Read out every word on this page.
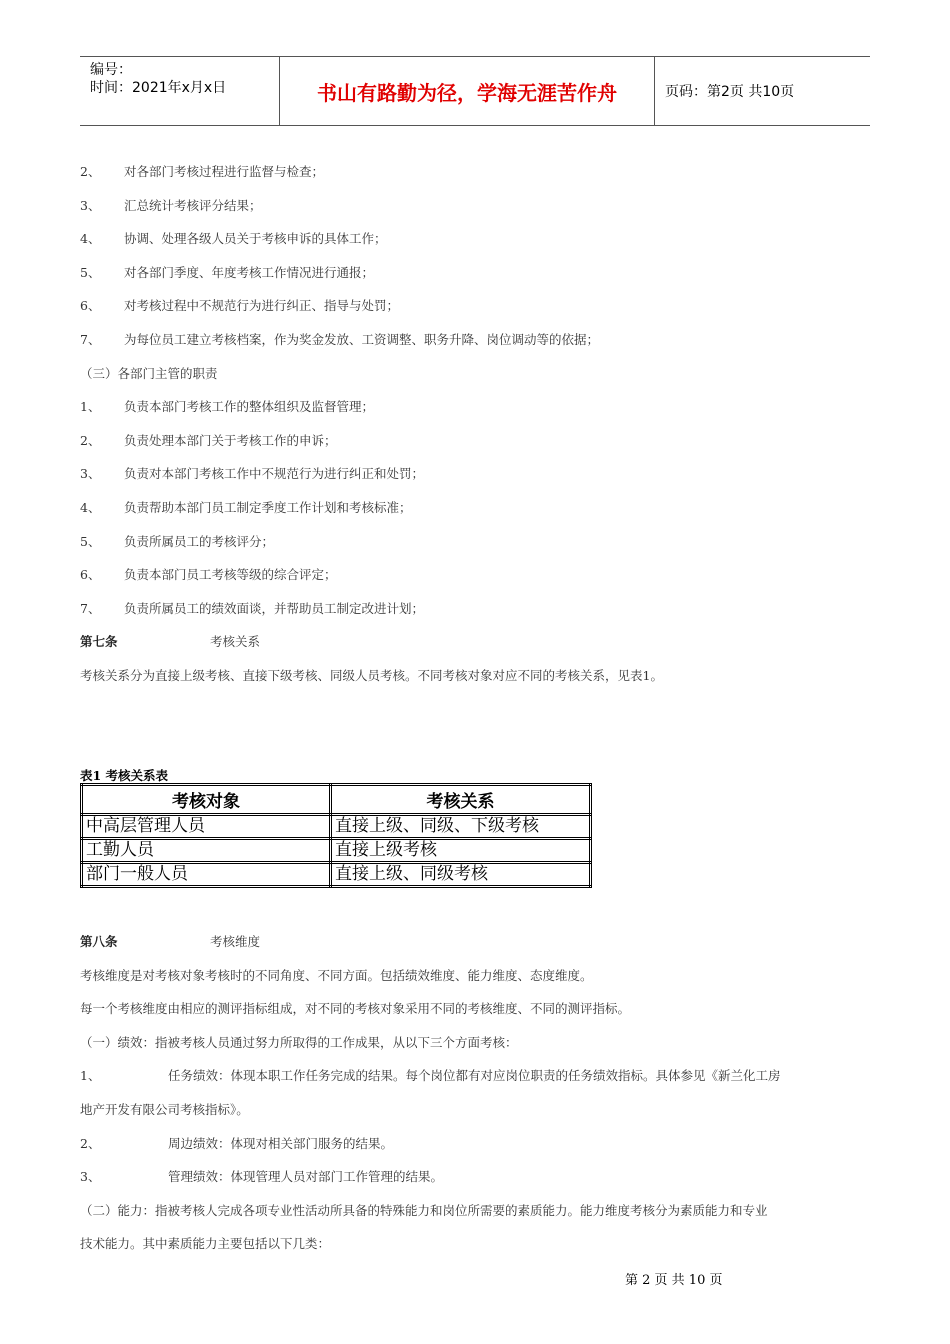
编号：
时间：2021年x月x日	书山有路勤为径，学海无涯苦作舟	页码：第2页 共10页
2、 对各部门考核过程进行监督与检查；
3、 汇总统计考核评分结果；
4、 协调、处理各级人员关于考核申诉的具体工作；
5、 对各部门季度、年度考核工作情况进行通报；
6、 对考核过程中不规范行为进行纠正、指导与处罚；
7、 为每位员工建立考核档案，作为奖金发放、工资调整、职务升降、岗位调动等的依据；
（三）各部门主管的职责
1、 负责本部门考核工作的整体组织及监督管理；
2、 负责处理本部门关于考核工作的申诉；
3、 负责对本部门考核工作中不规范行为进行纠正和处罚；
4、 负责帮助本部门员工制定季度工作计划和考核标准；
5、 负责所属员工的考核评分；
6、 负责本部门员工考核等级的综合评定；
7、 负责所属员工的绩效面谈，并帮助员工制定改进计划；
第七条	考核关系
考核关系分为直接上级考核、直接下级考核、同级人员考核。不同考核对象对应不同的考核关系，见表1。
表1 考核关系表
考核对象	考核关系
中高层管理人员	直接上级、同级、下级考核
工勤人员	直接上级考核
部门一般人员	直接上级、同级考核
第八条	考核维度
考核维度是对考核对象考核时的不同角度、不同方面。包括绩效维度、能力维度、态度维度。
每一个考核维度由相应的测评指标组成，对不同的考核对象采用不同的考核维度、不同的测评指标。
（一）绩效：指被考核人员通过努力所取得的工作成果，从以下三个方面考核：
1、	任务绩效：体现本职工作任务完成的结果。每个岗位都有对应岗位职责的任务绩效指标。具体参见《新兰化工房
地产开发有限公司考核指标》。
2、	周边绩效：体现对相关部门服务的结果。
3、	管理绩效：体现管理人员对部门工作管理的结果。
（二）能力：指被考核人完成各项专业性活动所具备的特殊能力和岗位所需要的素质能力。能力维度考核分为素质能力和专业
技术能力。其中素质能力主要包括以下几类：
第 2 页 共 10 页
